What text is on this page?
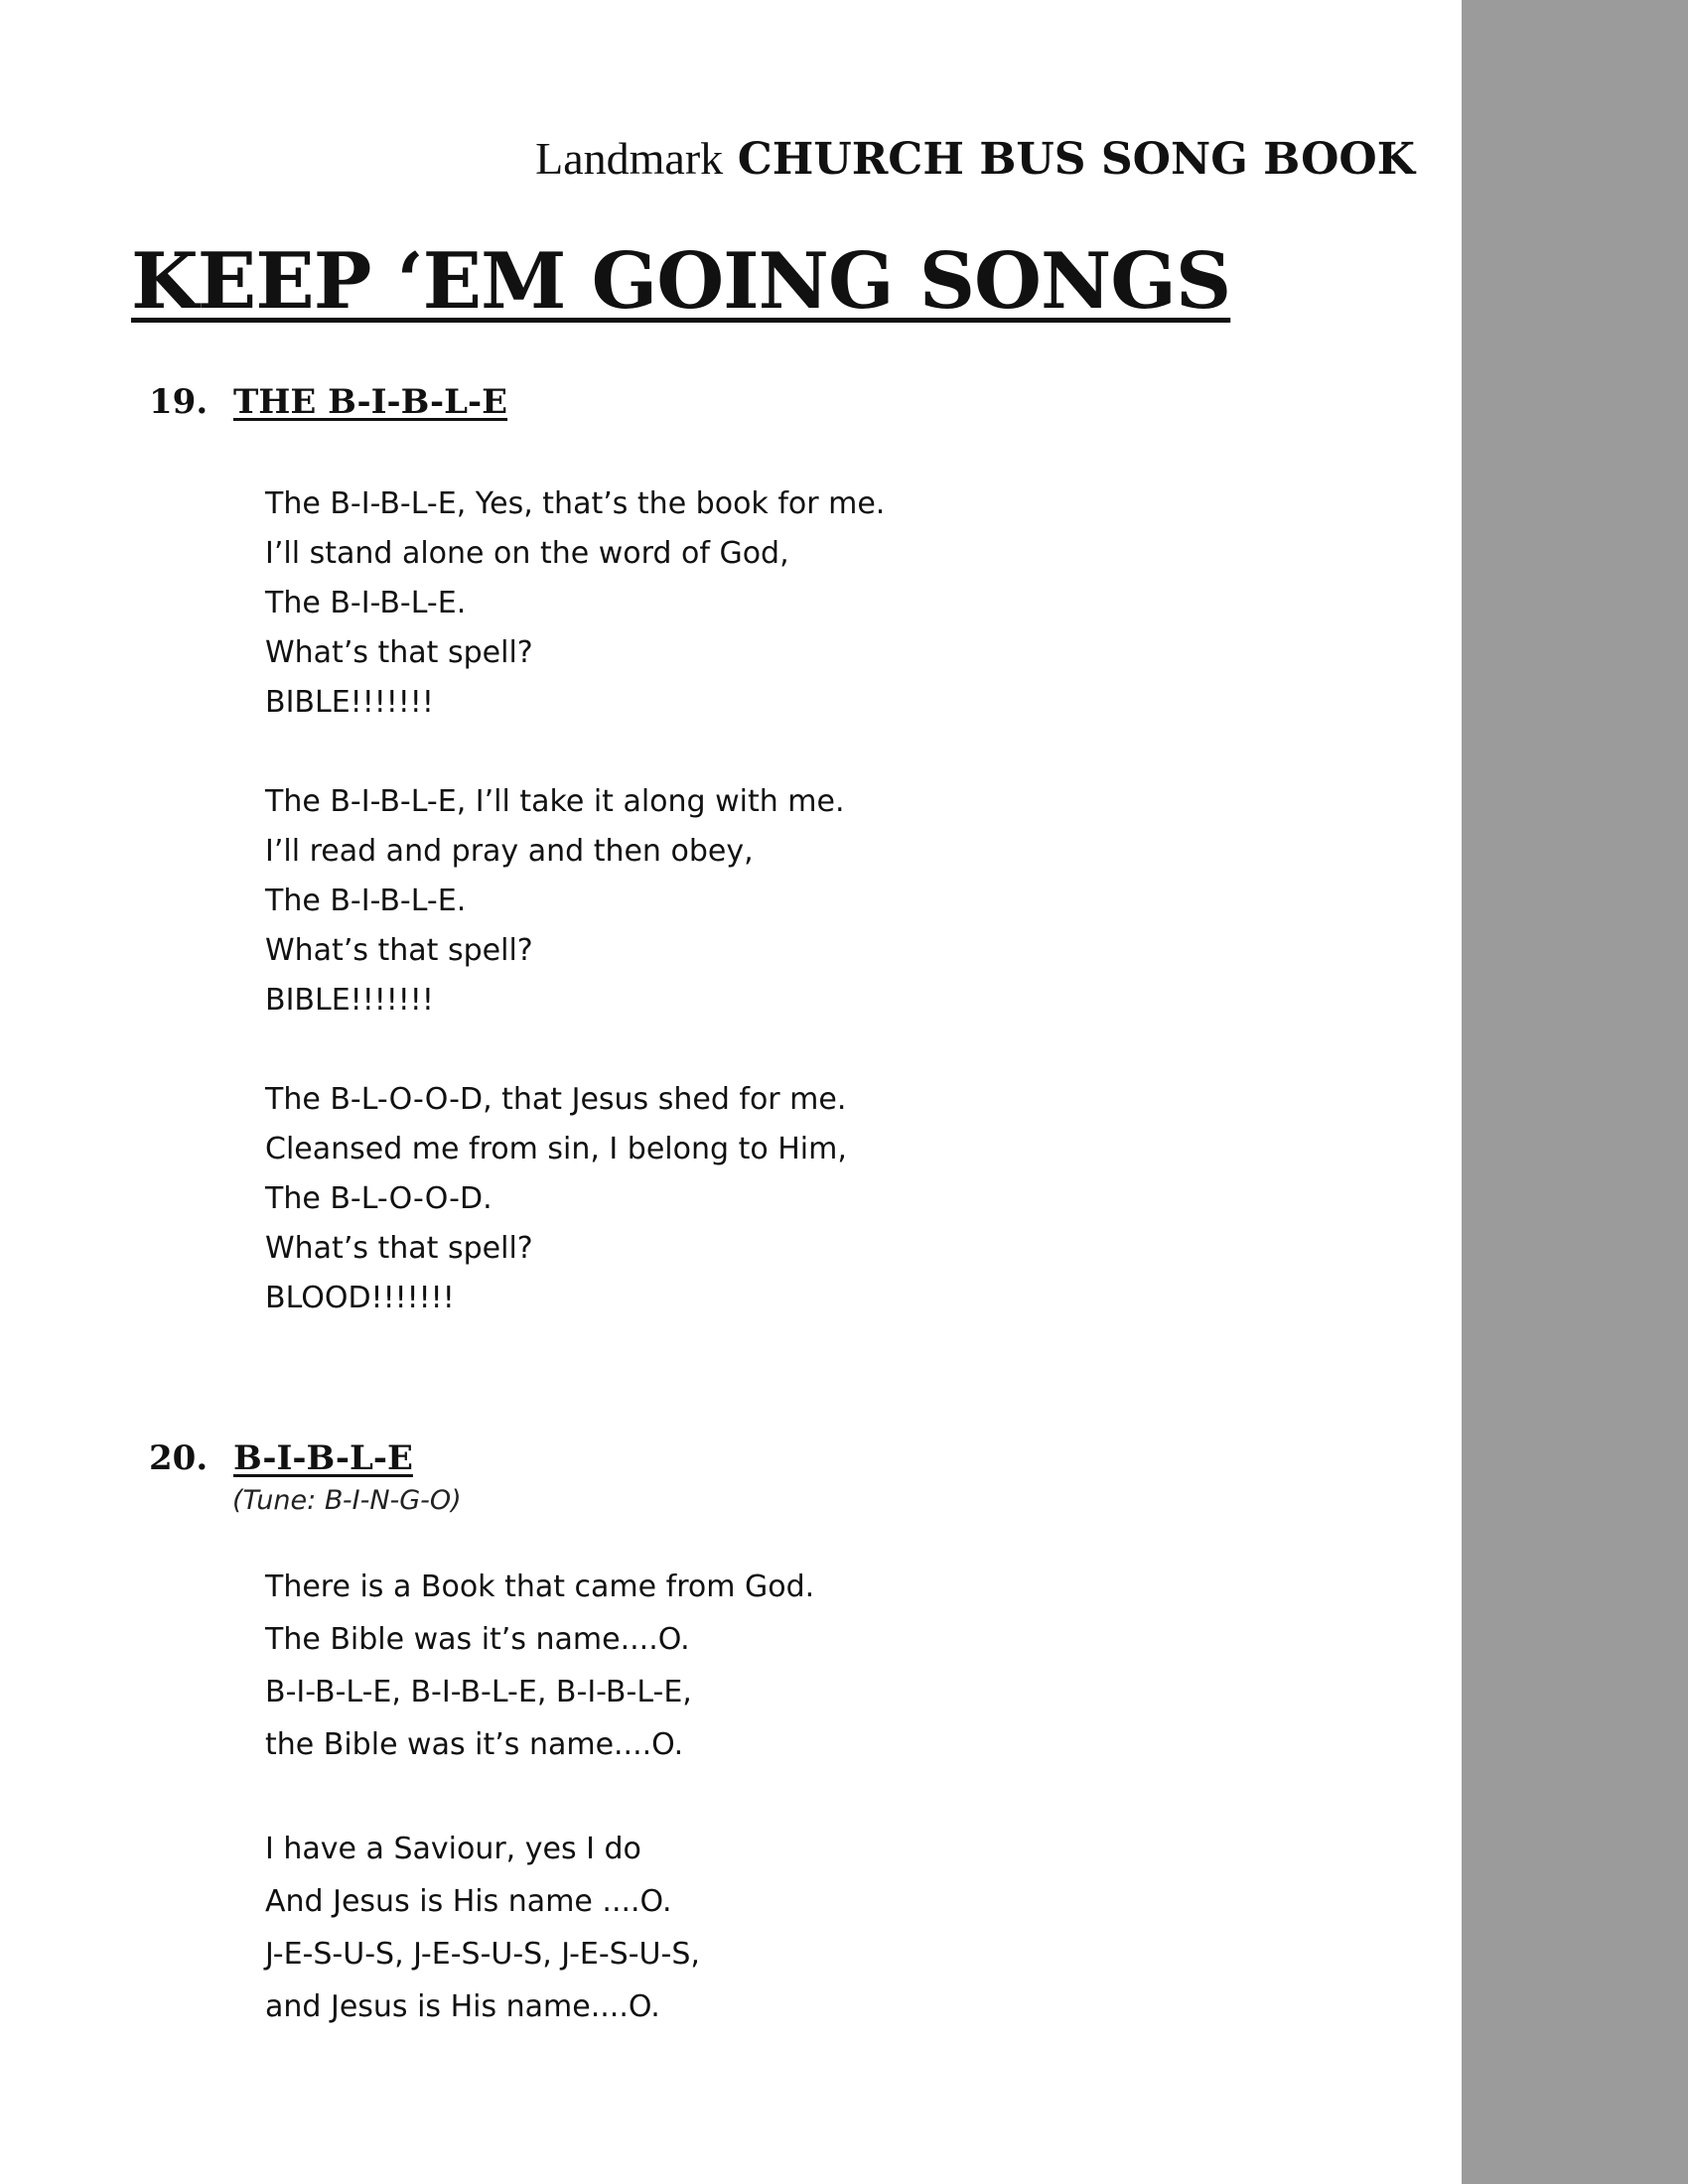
Landmark CHURCH BUS SONG BOOK
KEEP ‘EM GOING SONGS
19. THE B-I-B-L-E
The B-I-B-L-E, Yes, that’s the book for me.
I’ll stand alone on the word of God,
The B-I-B-L-E.
What’s that spell?
BIBLE!!!!!!!
The B-I-B-L-E, I’ll take it along with me.
I’ll read and pray and then obey,
The B-I-B-L-E.
What’s that spell?
BIBLE!!!!!!!
The B-L-O-O-D, that Jesus shed for me.
Cleansed me from sin, I belong to Him,
The B-L-O-O-D.
What’s that spell?
BLOOD!!!!!!!
20. B-I-B-L-E
(Tune: B-I-N-G-O)
There is a Book that came from God.
The Bible was it’s name....O.
B-I-B-L-E, B-I-B-L-E, B-I-B-L-E,
the Bible was it’s name....O.
I have a Saviour, yes I do
And Jesus is His name ....O.
J-E-S-U-S, J-E-S-U-S, J-E-S-U-S,
and Jesus is His name....O.
